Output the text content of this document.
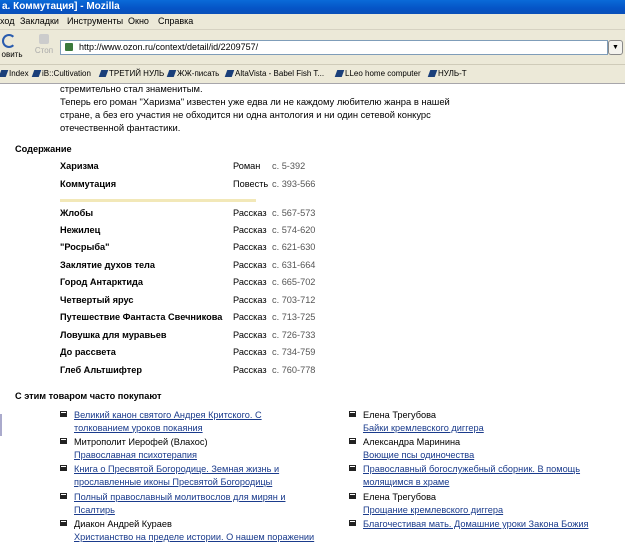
а. Коммутация] - Mozilla
ход Закладки Инструменты Окно Справка
овить Стоп	http://www.ozon.ru/context/detail/id/2209757/	▼
Index	iB::Cultivation	ТРЕТИЙ НУЛЬ	ЖЖ-писать	AltaVista - Babel Fish T...	LLeo home computer	НУЛЬ-Т
стремительно стал знаменитым.
Теперь его роман "Харизма" известен уже едва ли не каждому любителю жанра в нашей
стране, а без его участия не обходится ни одна антология и ни один сетевой конкурс
отечественной фантастики.
Содержание
Харизма	Роман с. 5-392
Коммутация	Повесть с. 393-566
Жлобы	Рассказ с. 567-573
Нежилец	Рассказ с. 574-620
"Росрыба"	Рассказ с. 621-630
Заклятие духов тела	Рассказ с. 631-664
Город Антарктида	Рассказ с. 665-702
Четвертый ярус	Рассказ с. 703-712
Путешествие Фантаста Свечникова Рассказ с. 713-725
Ловушка для муравьев	Рассказ с. 726-733
До рассвета	Рассказ с. 734-759
Глеб Альтшифтер	Рассказ с. 760-778
С этим товаром часто покупают
Великий канон святого Андрея Критского. С
толкованием уроков покаяния
Митрополит Иерофей (Влахос)
Православная психотерапия
Книга о Пресвятой Богородице. Земная жизнь и
прославленные иконы Пресвятой Богородицы
Полный православный молитвослов для мирян и
Псалтирь
Диакон Андрей Кураев
Христианство на пределе истории. О нашем поражении
Елена Трегубова
Байки кремлевского диггера
Александра Маринина
Воющие псы одиночества
Православный богослужебный сборник. В помощь
молящимся в храме
Елена Трегубова
Прощание кремлевского диггера
Благочестивая мать. Домашние уроки Закона Божия
